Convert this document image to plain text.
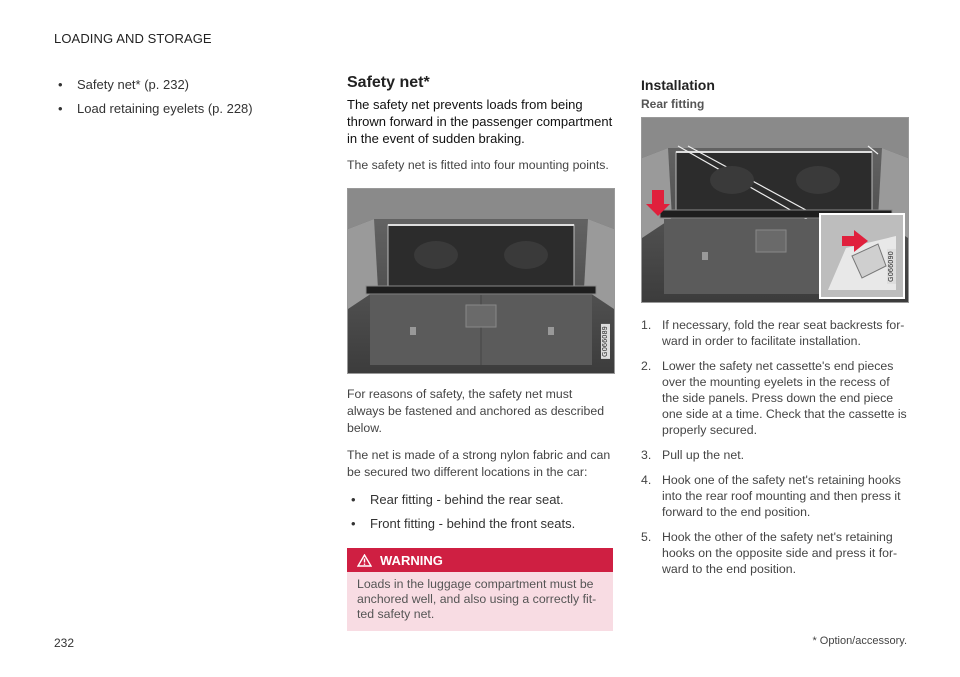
LOADING AND STORAGE
• Safety net* (p. 232)
• Load retaining eyelets (p. 228)
Safety net*

The safety net prevents loads from being thrown forward in the passenger compartment in the event of sudden braking.

The safety net is fitted into four mounting points.

G066089

For reasons of safety, the safety net must always be fastened and anchored as described below.

The net is made of a strong nylon fabric and can be secured two different locations in the car:

• Rear fitting - behind the rear seat.
• Front fitting - behind the front seats.
WARNING
Loads in the luggage compartment must be anchored well, and also using a correctly fit-ted safety net.
Installation
Rear fitting
G066090
1. If necessary, fold the rear seat backrests for-ward in order to facilitate installation.
2. Lower the safety net cassette's end pieces over the mounting eyelets in the recess of the side panels. Press down the end piece one side at a time. Check that the cassette is properly secured.
3. Pull up the net.
4. Hook one of the safety net's retaining hooks into the rear roof mounting and then press it forward to the end position.
5. Hook the other of the safety net's retaining hooks on the opposite side and press it for-ward to the end position.
232	* Option/accessory.
